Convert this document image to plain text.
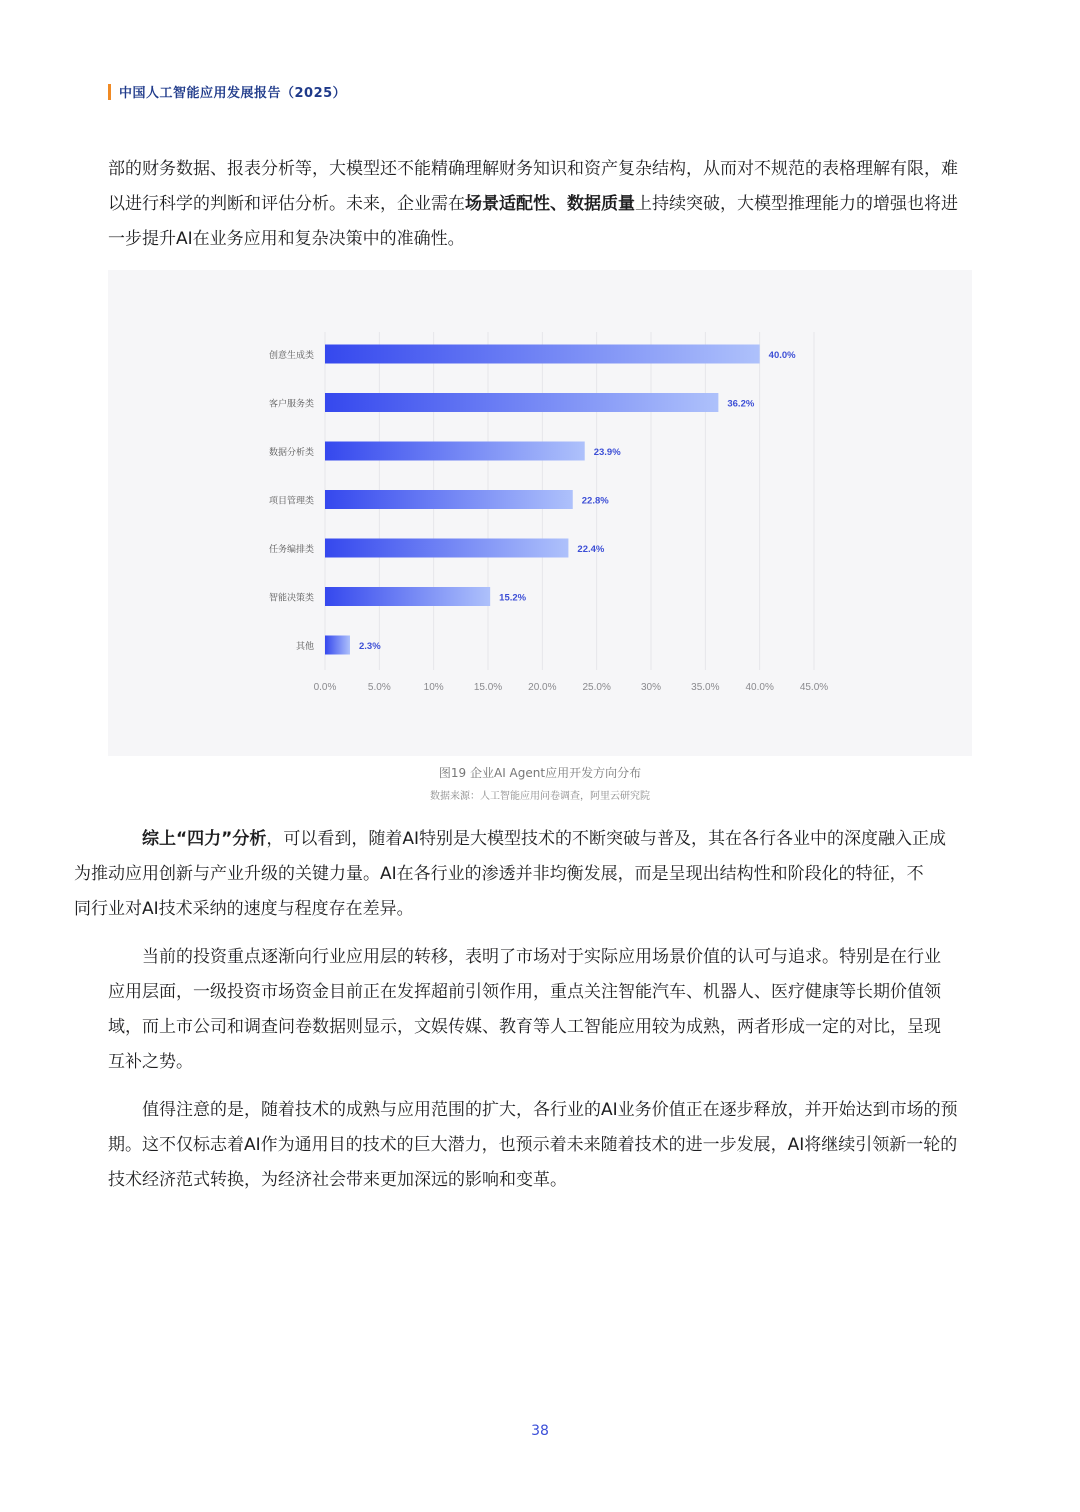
中国人工智能应用发展报告（2025）

部的财务数据、报表分析等，大模型还不能精确理解财务知识和资产复杂结构，从而对不规范的表格理解有限，难
以进行科学的判断和评估分析。未来，企业需在场景适配性、数据质量上持续突破，大模型推理能力的增强也将进
一步提升AI在业务应用和复杂决策中的准确性。

0.0%	5.0%	10%	15.0%	20.0%	25.0%	30%	35.0%	40.0%	45.0%
创意生成类	40.0%
客户服务类	36.2%
数据分析类	23.9%
项目管理类	22.8%
任务编排类	22.4%
智能决策类	15.2%
其他	2.3%
图19 企业AI Agent应用开发方向分布
数据来源：人工智能应用问卷调查，阿里云研究院

综上“四力”分析，可以看到，随着AI特别是大模型技术的不断突破与普及，其在各行各业中的深度融入正成
为推动应用创新与产业升级的关键力量。AI在各行业的渗透并非均衡发展，而是呈现出结构性和阶段化的特征，不
同行业对AI技术采纳的速度与程度存在差异。

当前的投资重点逐渐向行业应用层的转移，表明了市场对于实际应用场景价值的认可与追求。特别是在行业
应用层面，一级投资市场资金目前正在发挥超前引领作用，重点关注智能汽车、机器人、医疗健康等长期价值领
域，而上市公司和调查问卷数据则显示，文娱传媒、教育等人工智能应用较为成熟，两者形成一定的对比，呈现
互补之势。

值得注意的是，随着技术的成熟与应用范围的扩大，各行业的AI业务价值正在逐步释放，并开始达到市场的预
期。这不仅标志着AI作为通用目的技术的巨大潜力，也预示着未来随着技术的进一步发展，AI将继续引领新一轮的
技术经济范式转换，为经济社会带来更加深远的影响和变革。

38
